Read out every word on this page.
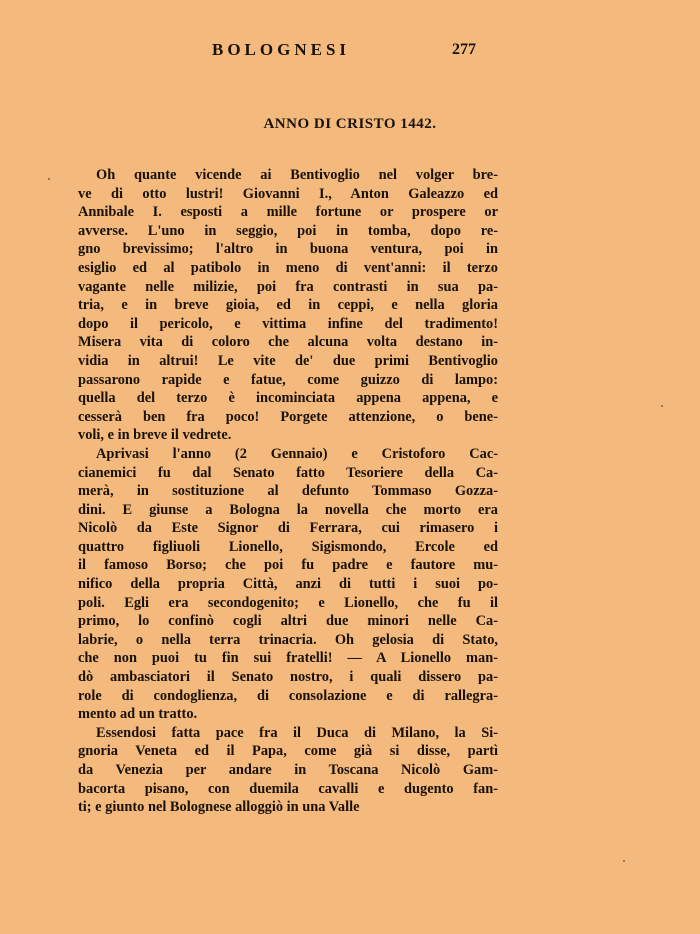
BOLOGNESI	277
ANNO DI CRISTO 1442.
Oh quante vicende ai Bentivoglio nel volger bre-
ve di otto lustri! Giovanni I., Anton Galeazzo ed
Annibale I. esposti a mille fortune or prospere or
avverse. L'uno in seggio, poi in tomba, dopo re-
gno brevissimo; l'altro in buona ventura, poi in
esiglio ed al patibolo in meno di vent'anni: il terzo
vagante nelle milizie, poi fra contrasti in sua pa-
tria, e in breve gioia, ed in ceppi, e nella gloria
dopo il pericolo, e vittima infine del tradimento!
Misera vita di coloro che alcuna volta destano in-
vidia in altrui! Le vite de' due primi Bentivoglio
passarono rapide e fatue, come guizzo di lampo:
quella del terzo è incominciata appena appena, e
cesserà ben fra poco! Porgete attenzione, o bene-
voli, e in breve il vedrete.
Aprivasi l'anno (2 Gennaio) e Cristoforo Cac-
cianemici fu dal Senato fatto Tesoriere della Ca-
merà, in sostituzione al defunto Tommaso Gozza-
dini. E giunse a Bologna la novella che morto era
Nicolò da Este Signor di Ferrara, cui rimasero i
quattro figliuoli Lionello, Sigismondo, Ercole ed
il famoso Borso; che poi fu padre e fautore mu-
nifico della propria Città, anzi di tutti i suoi po-
poli. Egli era secondogenito; e Lionello, che fu il
primo, lo confinò cogli altri due minori nelle Ca-
labrie, o nella terra trinacria. Oh gelosia di Stato,
che non puoi tu fin sui fratelli! — A Lionello man-
dò ambasciatori il Senato nostro, i quali dissero pa-
role di condoglienza, di consolazione e di rallegra-
mento ad un tratto.
Essendosi fatta pace fra il Duca di Milano, la Si-
gnoria Veneta ed il Papa, come già si disse, partì
da Venezia per andare in Toscana Nicolò Gam-
bacorta pisano, con duemila cavalli e dugento fan-
ti; e giunto nel Bolognese alloggiò in una Valle
